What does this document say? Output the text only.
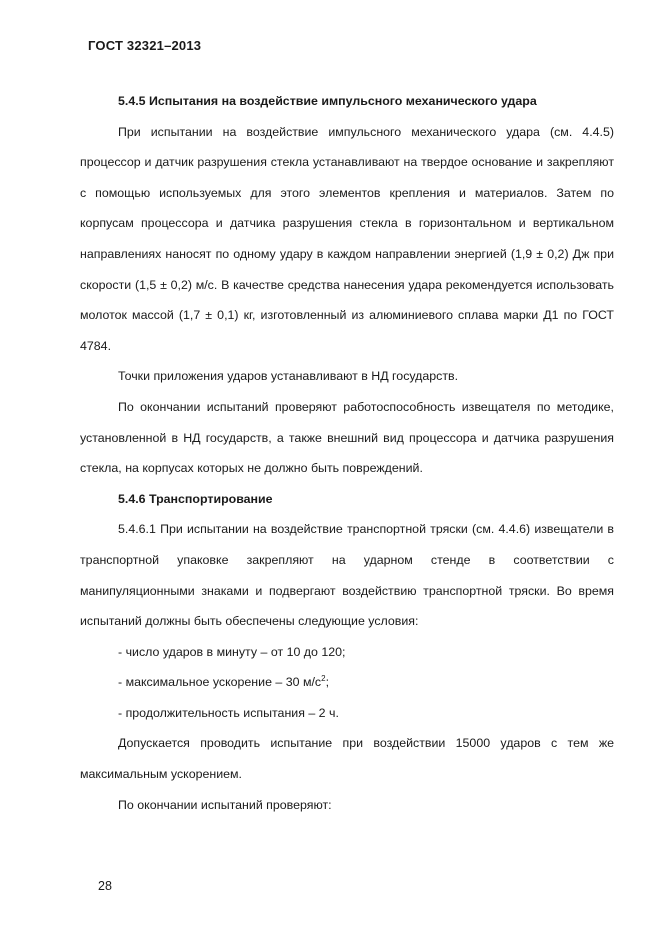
ГОСТ 32321–2013

5.4.5 Испытания на воздействие импульсного механического удара

При испытании на воздействие импульсного механического удара (см. 4.4.5) процессор и датчик разрушения стекла устанавливают на твердое основание и закрепляют с помощью используемых для этого элементов крепления и материалов. Затем по корпусам процессора и датчика разрушения стекла в горизонтальном и вертикальном направлениях наносят по одному удару в каждом направлении энергией (1,9 ± 0,2) Дж при скорости (1,5 ± 0,2) м/с. В качестве средства нанесения удара рекомендуется использовать молоток массой (1,7 ± 0,1) кг, изготовленный из алюминиевого сплава марки Д1 по ГОСТ 4784.

Точки приложения ударов устанавливают в НД государств.

По окончании испытаний проверяют работоспособность извещателя по методике, установленной в НД государств, а также внешний вид процессора и датчика разрушения стекла, на корпусах которых не должно быть повреждений.

5.4.6 Транспортирование

5.4.6.1 При испытании на воздействие транспортной тряски (см. 4.4.6) извещатели в транспортной упаковке закрепляют на ударном стенде в соответствии с манипуляционными знаками и подвергают воздействию транспортной тряски. Во время испытаний должны быть обеспечены следующие условия:

- число ударов в минуту – от 10 до 120;

- максимальное ускорение – 30 $м/с^2$;

- продолжительность испытания – 2 ч.

Допускается проводить испытание при воздействии 15000 ударов с тем же максимальным ускорением.

По окончании испытаний проверяют:

28
